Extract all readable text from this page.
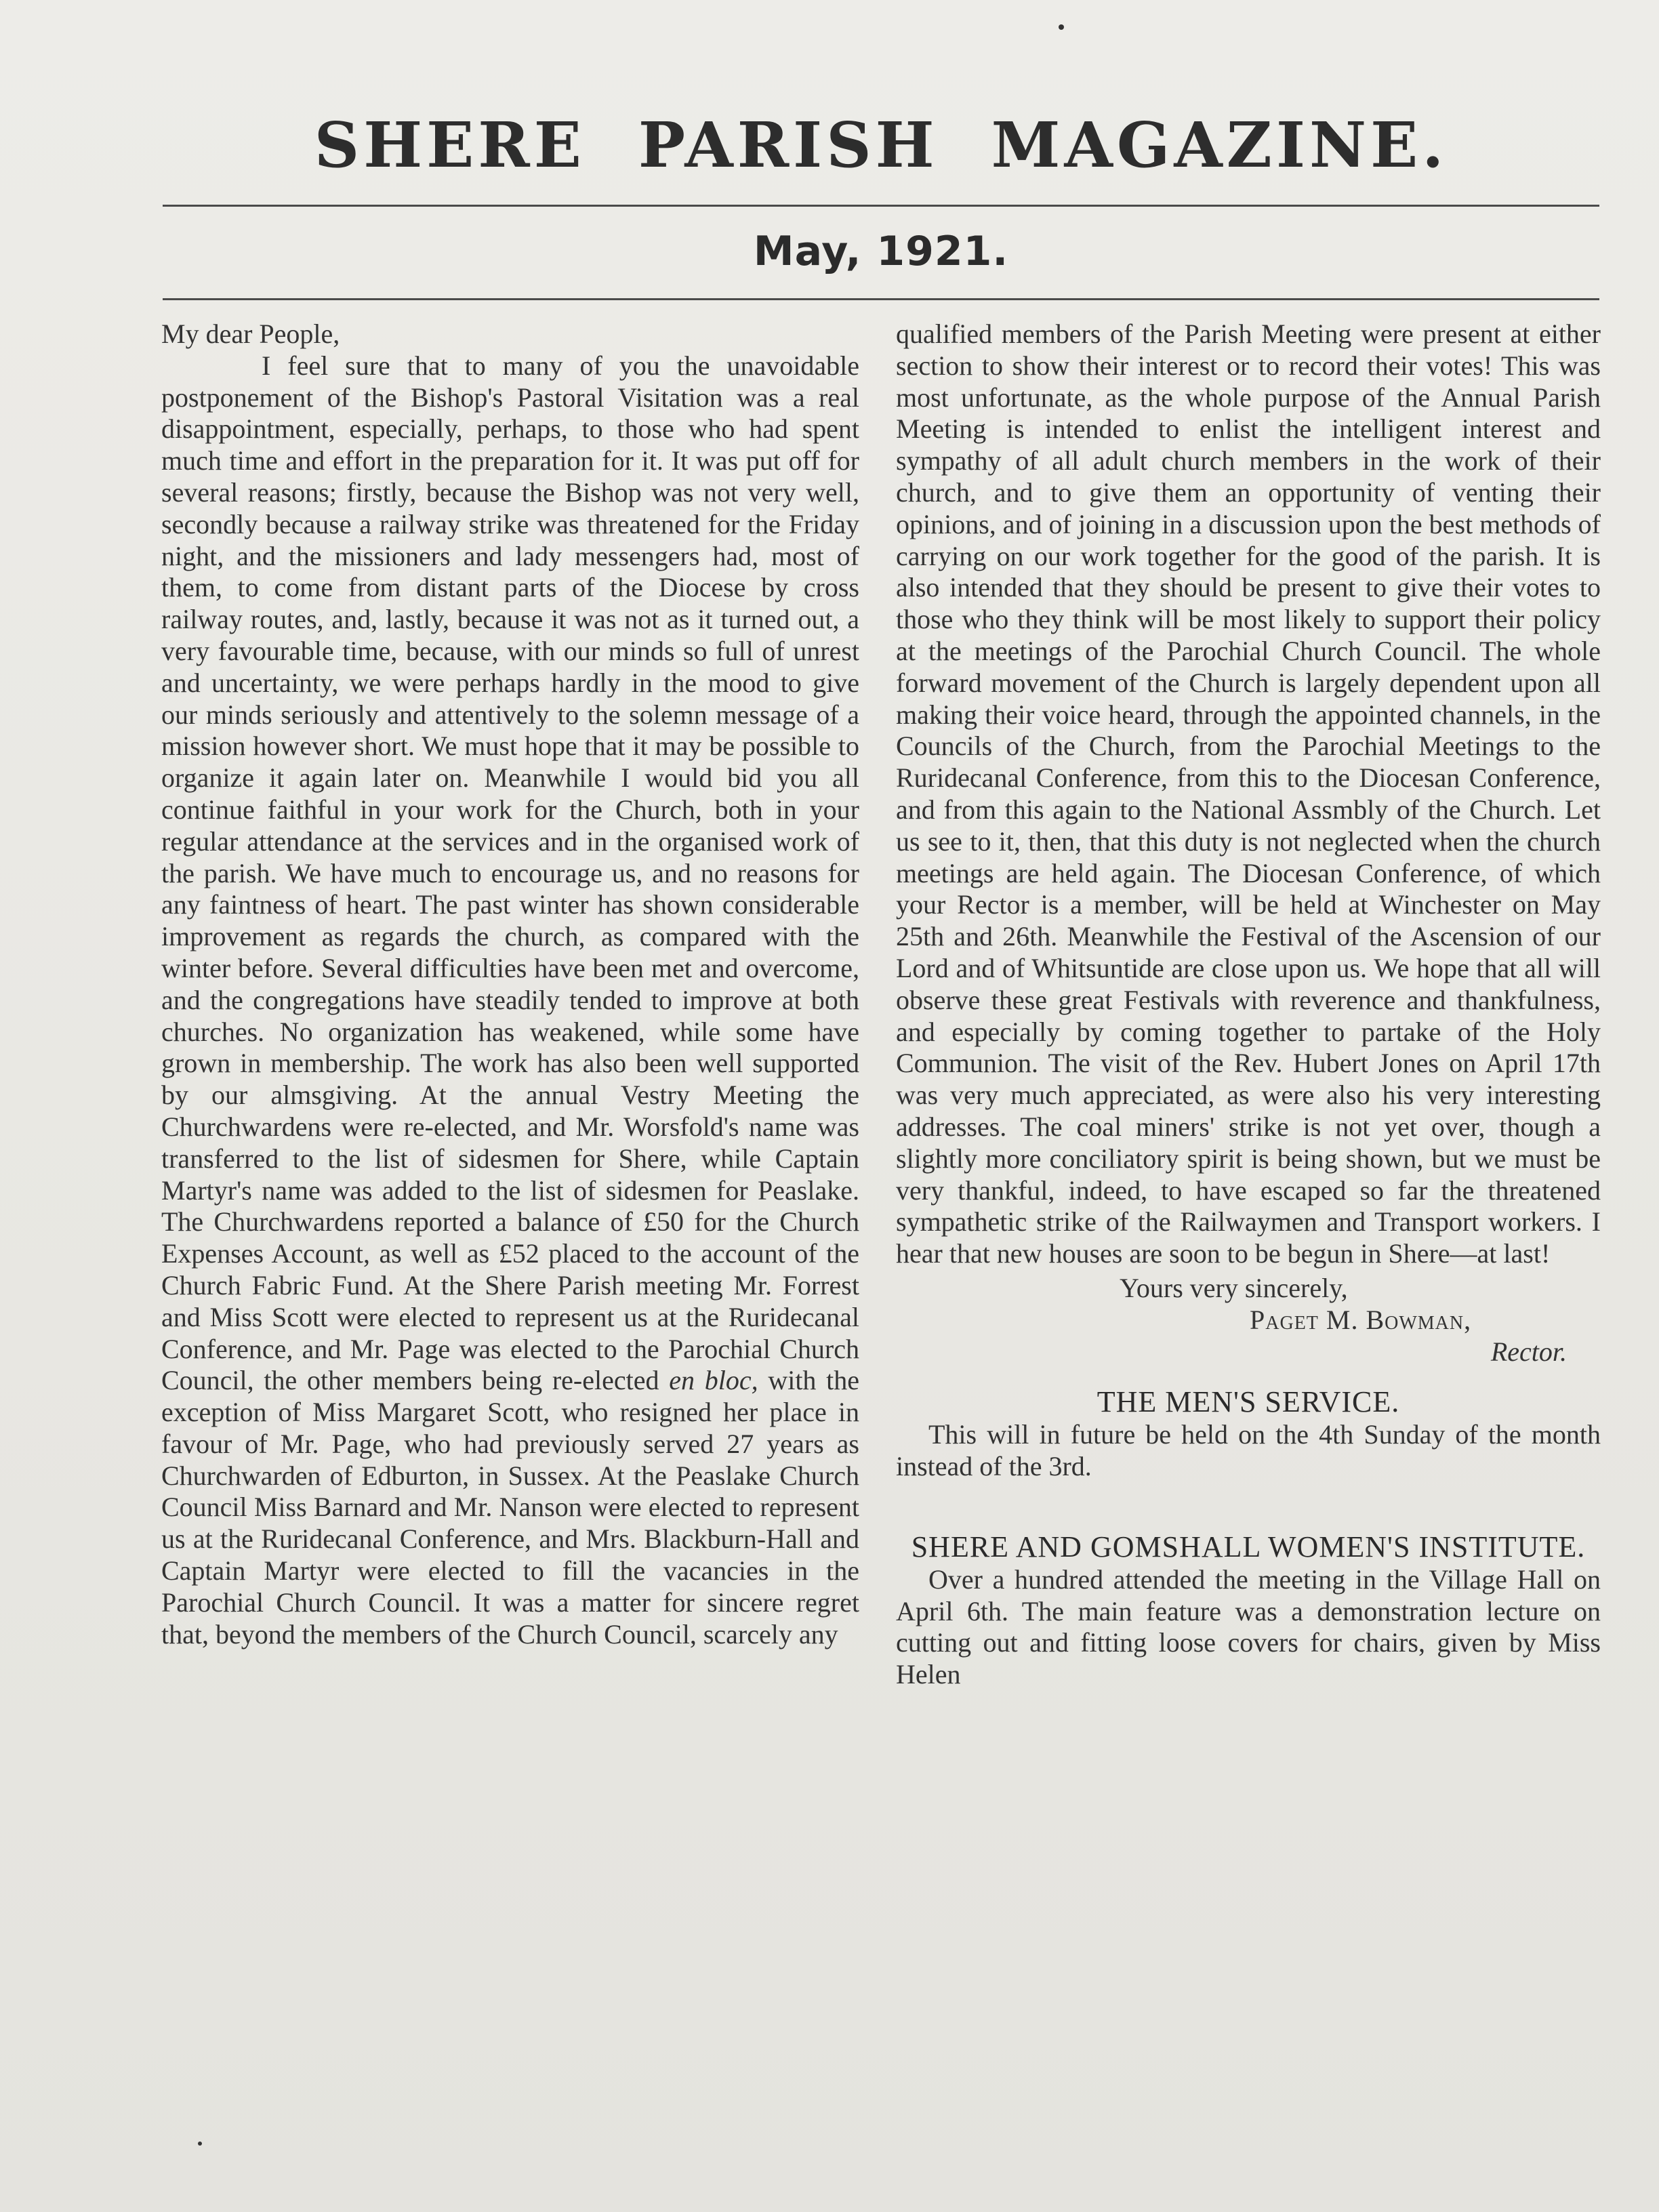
SHERE PARISH MAGAZINE.
May, 1921.

My dear People,

I feel sure that to many of you the unavoidable postponement of the Bishop's Pastoral Visitation was a real disappointment, especially, perhaps, to those who had spent much time and effort in the preparation for it. It was put off for several reasons; firstly, because the Bishop was not very well, secondly because a railway strike was threatened for the Friday night, and the missioners and lady messengers had, most of them, to come from distant parts of the Diocese by cross railway routes, and, lastly, because it was not as it turned out, a very favourable time, because, with our minds so full of unrest and uncertainty, we were perhaps hardly in the mood to give our minds seriously and attentively to the solemn message of a mission however short. We must hope that it may be possible to organize it again later on. Meanwhile I would bid you all continue faithful in your work for the Church, both in your regular attendance at the services and in the organised work of the parish. We have much to encourage us, and no reasons for any faintness of heart. The past winter has shown considerable improvement as regards the church, as compared with the winter before. Several difficulties have been met and overcome, and the congregations have steadily tended to improve at both churches. No organization has weakened, while some have grown in membership. The work has also been well supported by our almsgiving. At the annual Vestry Meeting the Churchwardens were re-elected, and Mr. Worsfold's name was transferred to the list of sidesmen for Shere, while Captain Martyr's name was added to the list of sidesmen for Peaslake. The Churchwardens reported a balance of £50 for the Church Expenses Account, as well as £52 placed to the account of the Church Fabric Fund. At the Shere Parish meeting Mr. Forrest and Miss Scott were elected to represent us at the Ruridecanal Conference, and Mr. Page was elected to the Parochial Church Council, the other members being re-elected en bloc, with the exception of Miss Margaret Scott, who resigned her place in favour of Mr. Page, who had previously served 27 years as Churchwarden of Edburton, in Sussex. At the Peaslake Church Council Miss Barnard and Mr. Nanson were elected to represent us at the Ruridecanal Conference, and Mrs. Blackburn-Hall and Captain Martyr were elected to fill the vacancies in the Parochial Church Council. It was a matter for sincere regret that, beyond the members of the Church Council, scarcely any

qualified members of the Parish Meeting were present at either section to show their interest or to record their votes! This was most unfortunate, as the whole purpose of the Annual Parish Meeting is intended to enlist the intelligent interest and sympathy of all adult church members in the work of their church, and to give them an opportunity of venting their opinions, and of joining in a discussion upon the best methods of carrying on our work together for the good of the parish. It is also intended that they should be present to give their votes to those who they think will be most likely to support their policy at the meetings of the Parochial Church Council. The whole forward movement of the Church is largely dependent upon all making their voice heard, through the appointed channels, in the Councils of the Church, from the Parochial Meetings to the Ruridecanal Conference, from this to the Diocesan Conference, and from this again to the National Assmbly of the Church. Let us see to it, then, that this duty is not neglected when the church meetings are held again. The Diocesan Conference, of which your Rector is a member, will be held at Winchester on May 25th and 26th. Meanwhile the Festival of the Ascension of our Lord and of Whitsuntide are close upon us. We hope that all will observe these great Festivals with reverence and thankfulness, and especially by coming together to partake of the Holy Communion. The visit of the Rev. Hubert Jones on April 17th was very much appreciated, as were also his very interesting addresses. The coal miners' strike is not yet over, though a slightly more conciliatory spirit is being shown, but we must be very thankful, indeed, to have escaped so far the threatened sympathetic strike of the Railwaymen and Transport workers. I hear that new houses are soon to be begun in Shere—at last!

Yours very sincerely,

Paget M. Bowman,

Rector.

THE MEN'S SERVICE.

This will in future be held on the 4th Sunday of the month instead of the 3rd.

SHERE AND GOMSHALL WOMEN'S INSTITUTE.

Over a hundred attended the meeting in the Village Hall on April 6th. The main feature was a demonstration lecture on cutting out and fitting loose covers for chairs, given by Miss Helen
